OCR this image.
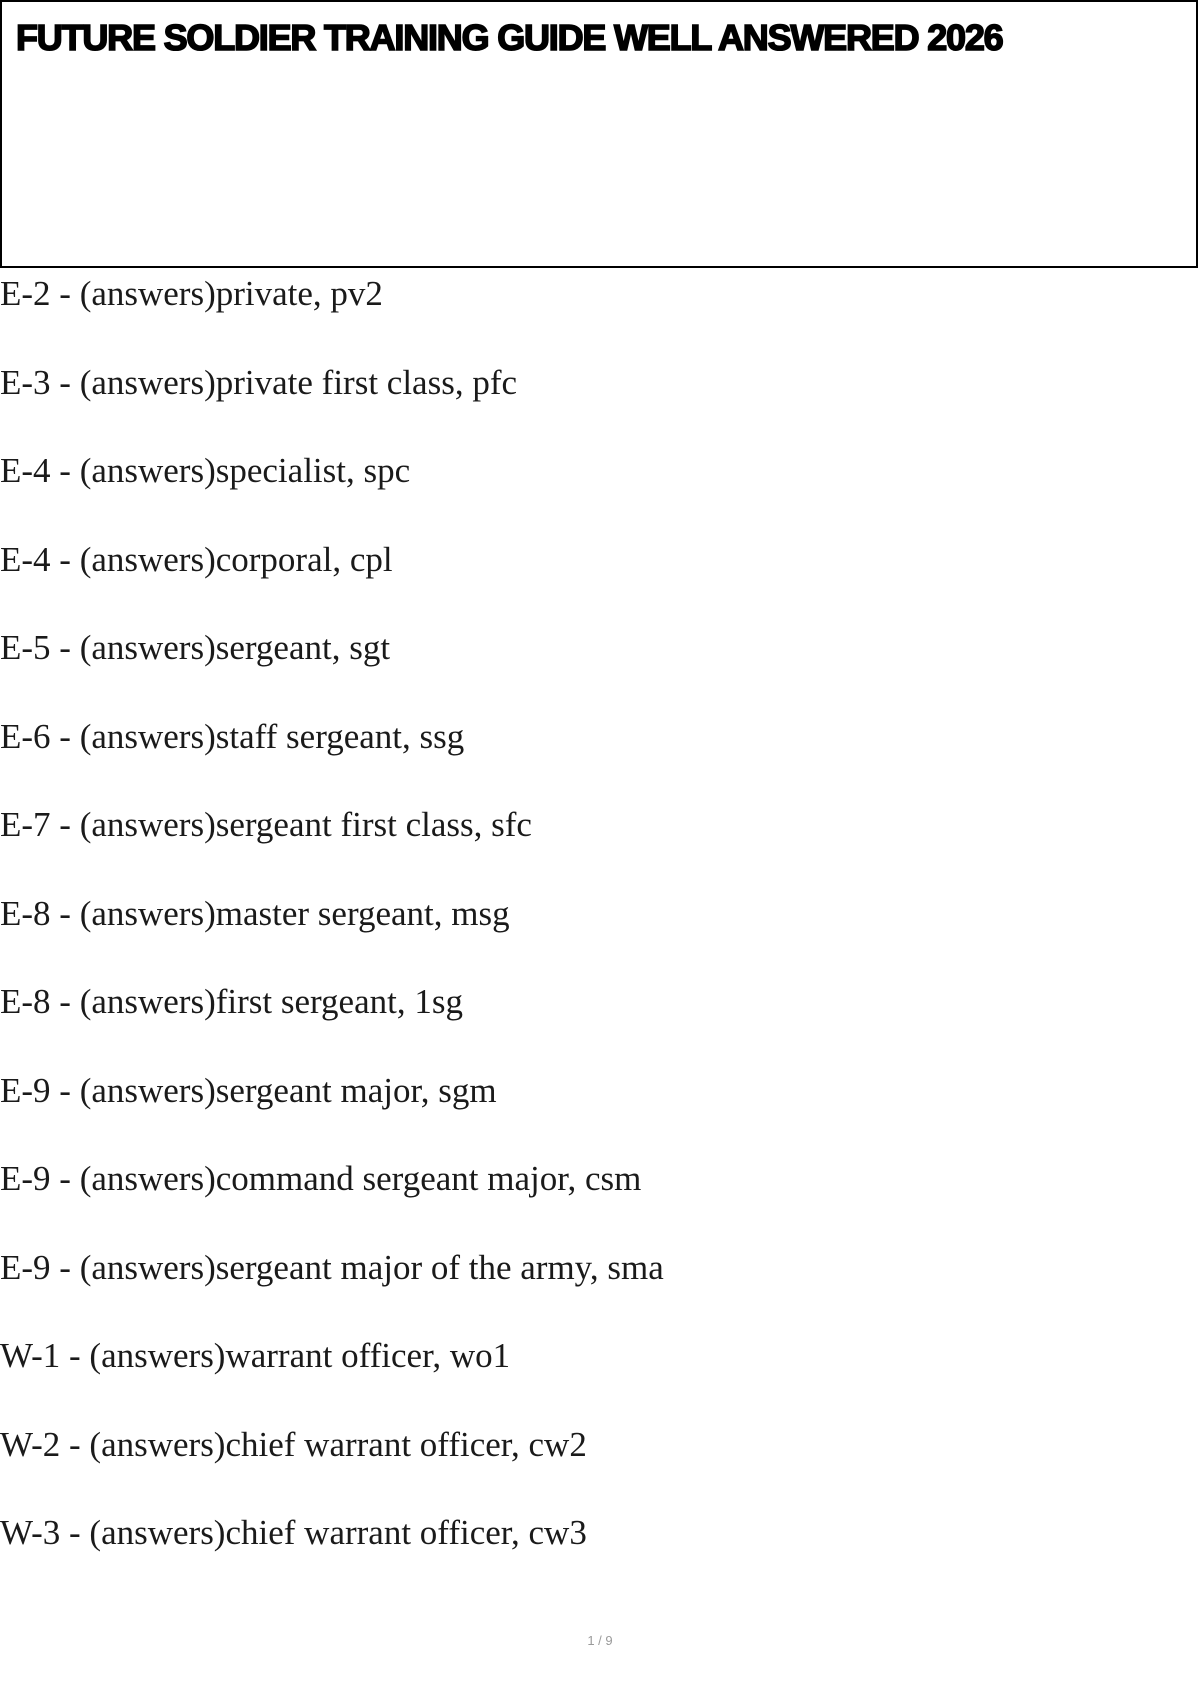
FUTURE SOLDIER TRAINING GUIDE WELL ANSWERED 2026
E-2 - (answers)private, pv2
E-3 - (answers)private first class, pfc
E-4 - (answers)specialist, spc
E-4 - (answers)corporal, cpl
E-5 - (answers)sergeant, sgt
E-6 - (answers)staff sergeant, ssg
E-7 - (answers)sergeant first class, sfc
E-8 - (answers)master sergeant, msg
E-8 - (answers)first sergeant, 1sg
E-9 - (answers)sergeant major, sgm
E-9 - (answers)command sergeant major, csm
E-9 - (answers)sergeant major of the army, sma
W-1 - (answers)warrant officer, wo1
W-2 - (answers)chief warrant officer, cw2
W-3 - (answers)chief warrant officer, cw3
1 / 9
